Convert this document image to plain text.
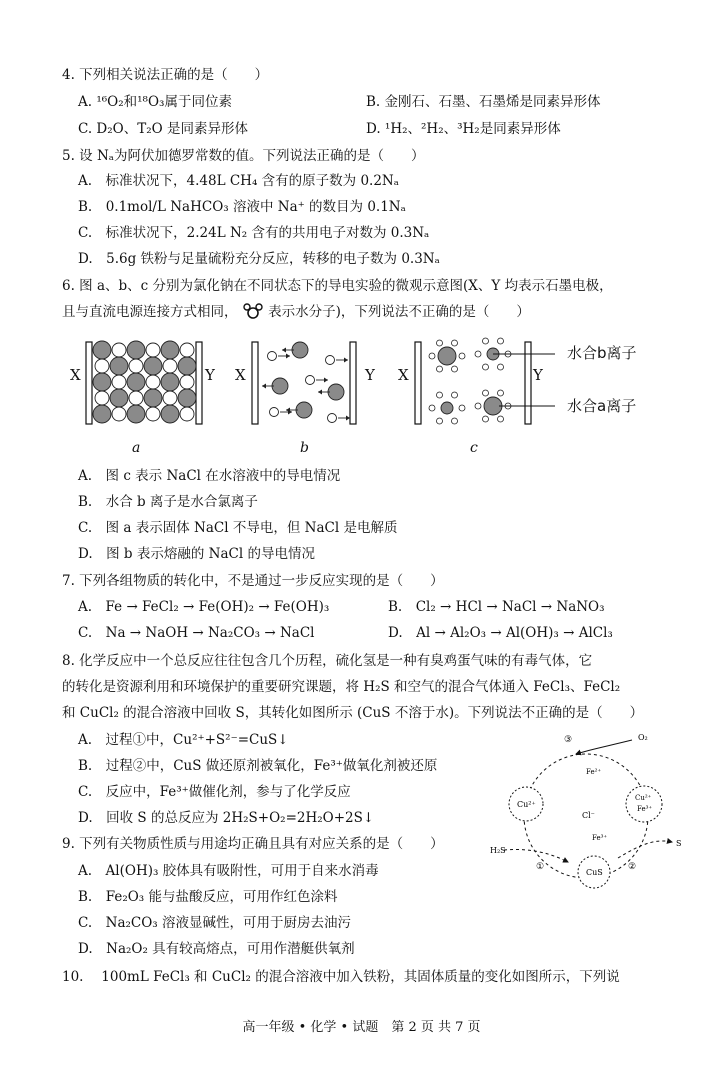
4. 下列相关说法正确的是（　　）
A. ¹⁶O₂和¹⁸O₃属于同位素	B. 金刚石、石墨、石墨烯是同素异形体
C. D₂O、T₂O 是同素异形体	D. ¹H₂、²H₂、³H₂是同素异形体
5. 设 Nₐ为阿伏加德罗常数的值。下列说法正确的是（　　）
A.　标准状况下，4.48L CH₄ 含有的原子数为 0.2Nₐ
B.　0.1mol/L NaHCO₃ 溶液中 Na⁺ 的数目为 0.1Nₐ
C.　标准状况下，2.24L N₂ 含有的共用电子对数为 0.3Nₐ
D.　5.6g 铁粉与足量硫粉充分反应，转移的电子数为 0.3Nₐ
6. 图 a、b、c 分别为氯化钠在不同状态下的导电实验的微观示意图(X、Y 均表示石墨电极，
且与直流电源连接方式相同， 表示水分子)，下列说法不正确的是（　　）
X	Y X	Y X	Y
水合b离子
水合a离子
a	b	c
A.　图 c 表示 NaCl 在水溶液中的导电情况
B.　水合 b 离子是水合氯离子
C.　图 a 表示固体 NaCl 不导电，但 NaCl 是电解质
D.　图 b 表示熔融的 NaCl 的导电情况
7. 下列各组物质的转化中，不是通过一步反应实现的是（　　）
A.　Fe → FeCl₂ → Fe(OH)₂ → Fe(OH)₃	B.　Cl₂ → HCl → NaCl → NaNO₃
C.　Na → NaOH → Na₂CO₃ → NaCl	D.　Al → Al₂O₃ → Al(OH)₃ → AlCl₃
8. 化学反应中一个总反应往往包含几个历程，硫化氢是一种有臭鸡蛋气味的有毒气体，它
的转化是资源利用和环境保护的重要研究课题，将 H₂S 和空气的混合气体通入 FeCl₃、FeCl₂
和 CuCl₂ 的混合溶液中回收 S，其转化如图所示 (CuS 不溶于水)。下列说法不正确的是（　　）
A.　过程①中，Cu²⁺+S²⁻=CuS↓
B.　过程②中，CuS 做还原剂被氧化，Fe³⁺做氧化剂被还原
C.　反应中，Fe³⁺做催化剂，参与了化学反应
D.　回收 S 的总反应为 2H₂S+O₂=2H₂O+2S↓
O₂
③
Fe²⁺
Cu²⁺
Cl⁻
Cu²⁺
Fe³⁺
Fe³⁺
H₂S
S
①	②
CuS
9. 下列有关物质性质与用途均正确且具有对应关系的是（　　）
A.　Al(OH)₃ 胶体具有吸附性，可用于自来水消毒
B.　Fe₂O₃ 能与盐酸反应，可用作红色涂料
C.　Na₂CO₃ 溶液显碱性，可用于厨房去油污
D.　Na₂O₂ 具有较高熔点，可用作潜艇供氧剂
10.　 100mL FeCl₃ 和 CuCl₂ 的混合溶液中加入铁粉，其固体质量的变化如图所示，下列说
高一年级 • 化学 • 试题　第 2 页 共 7 页
